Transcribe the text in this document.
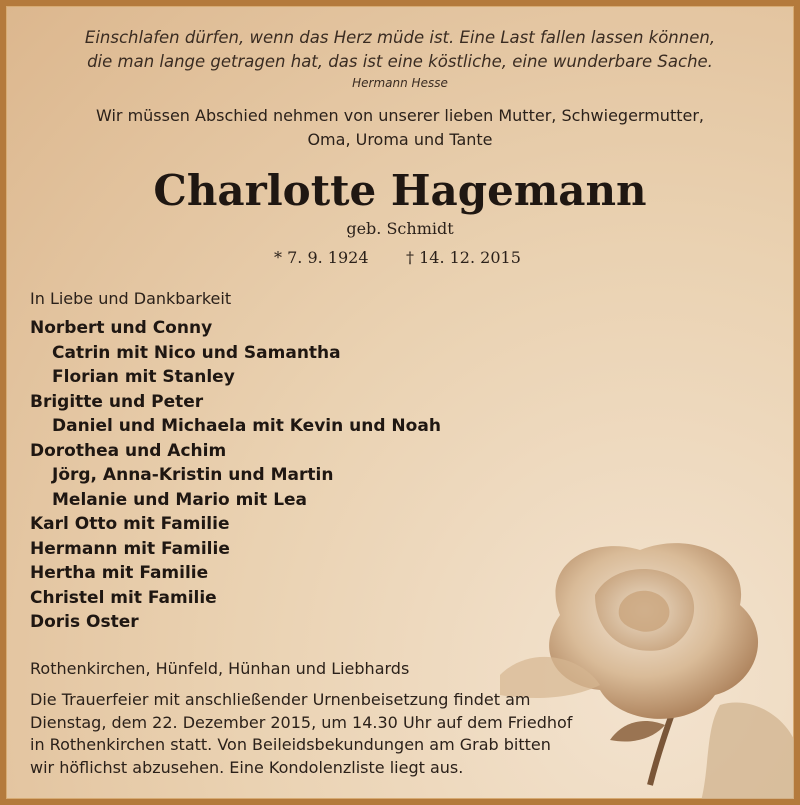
Einschlafen dürfen, wenn das Herz müde ist. Eine Last fallen lassen können,
die man lange getragen hat, das ist eine köstliche, eine wunderbare Sache.
Hermann Hesse
Wir müssen Abschied nehmen von unserer lieben Mutter, Schwiegermutter,
Oma, Uroma und Tante
Charlotte Hagemann
geb. Schmidt
* 7. 9. 1924 † 14. 12. 2015
In Liebe und Dankbarkeit
Norbert und Conny
Catrin mit Nico und Samantha
Florian mit Stanley
Brigitte und Peter
Daniel und Michaela mit Kevin und Noah
Dorothea und Achim
Jörg, Anna-Kristin und Martin
Melanie und Mario mit Lea
Karl Otto mit Familie
Hermann mit Familie
Hertha mit Familie
Christel mit Familie
Doris Oster
Rothenkirchen, Hünfeld, Hünhan und Liebhards
Die Trauerfeier mit anschließender Urnenbeisetzung findet am
Dienstag, dem 22. Dezember 2015, um 14.30 Uhr auf dem Friedhof
in Rothenkirchen statt. Von Beileidsbekundungen am Grab bitten
wir höflichst abzusehen. Eine Kondolenzliste liegt aus.
